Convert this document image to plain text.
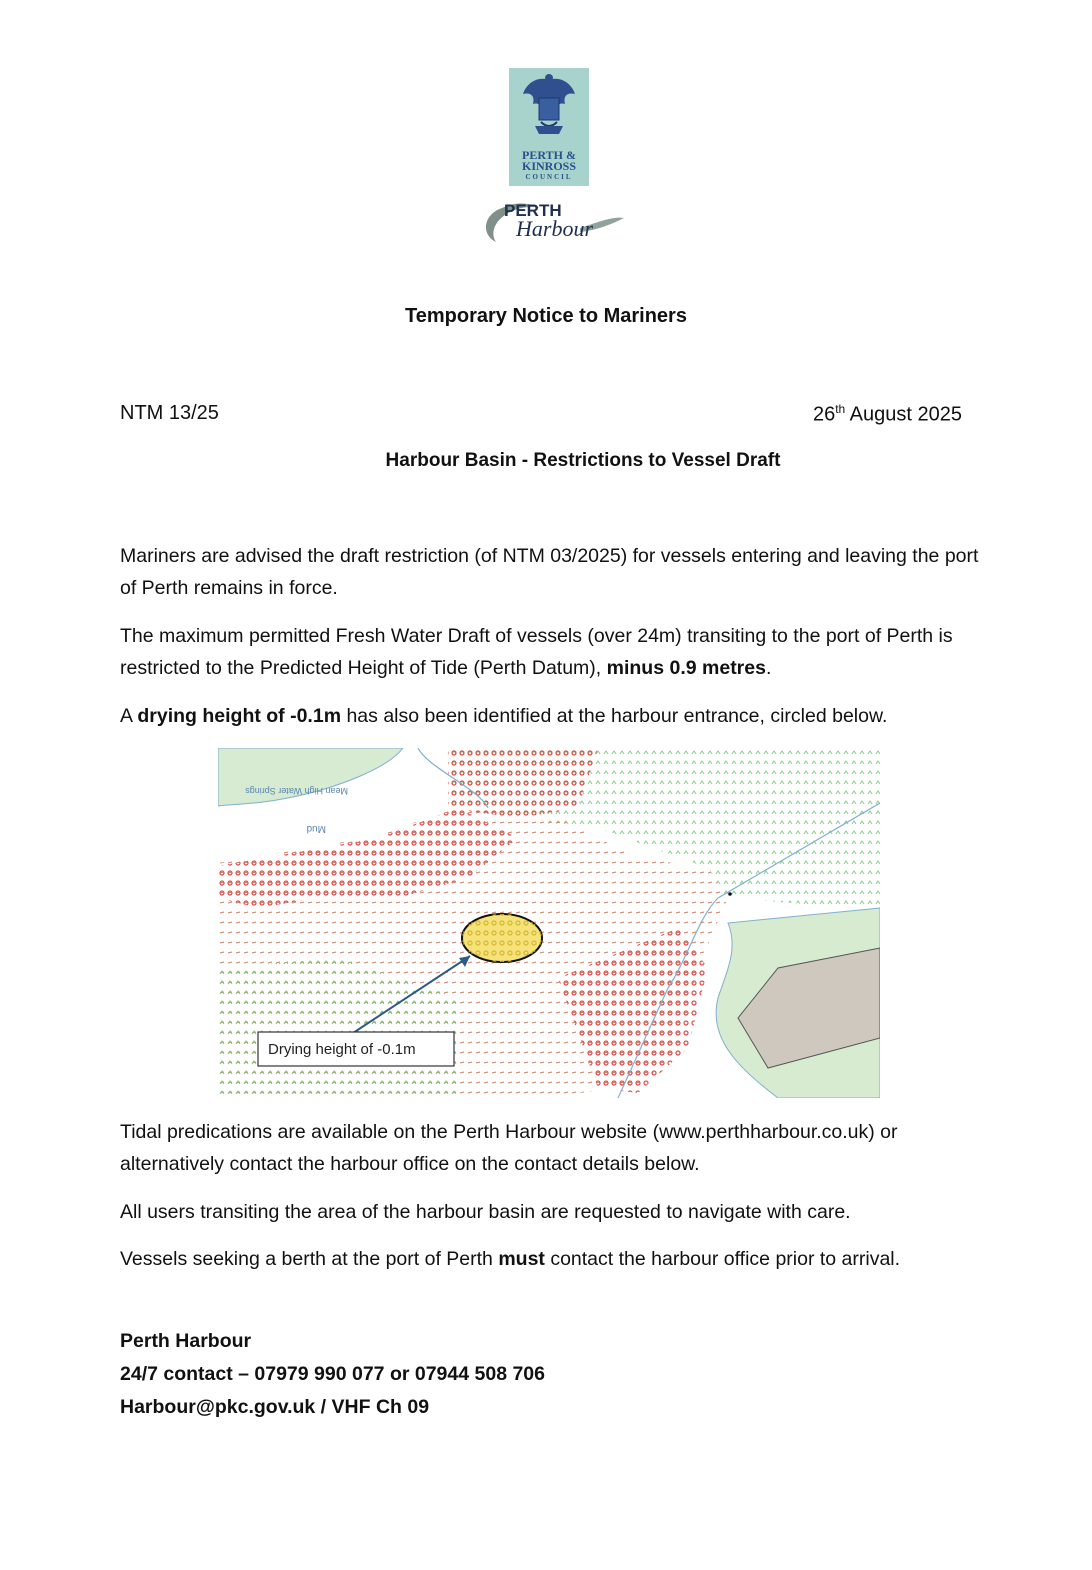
PERTH &
KINROSS
COUNCIL
PERTH
Harbour
Temporary Notice to Mariners
NTM 13/25	26th August 2025
Harbour Basin - Restrictions to Vessel Draft
Mariners are advised the draft restriction (of NTM 03/2025) for vessels entering and leaving the port of Perth remains in force.
The maximum permitted Fresh Water Draft of vessels (over 24m) transiting to the port of Perth is restricted to the Predicted Height of Tide (Perth Datum), minus 0.9 metres.
A drying height of -0.1m has also been identified at the harbour entrance, circled below.
Mean High Water Springs
Mud
Drying height of -0.1m
Tidal predications are available on the Perth Harbour website (www.perthharbour.co.uk) or alternatively contact the harbour office on the contact details below.
All users transiting the area of the harbour basin are requested to navigate with care.
Vessels seeking a berth at the port of Perth must contact the harbour office prior to arrival.
Perth Harbour
24/7 contact – 07979 990 077 or 07944 508 706
Harbour@pkc.gov.uk / VHF Ch 09
